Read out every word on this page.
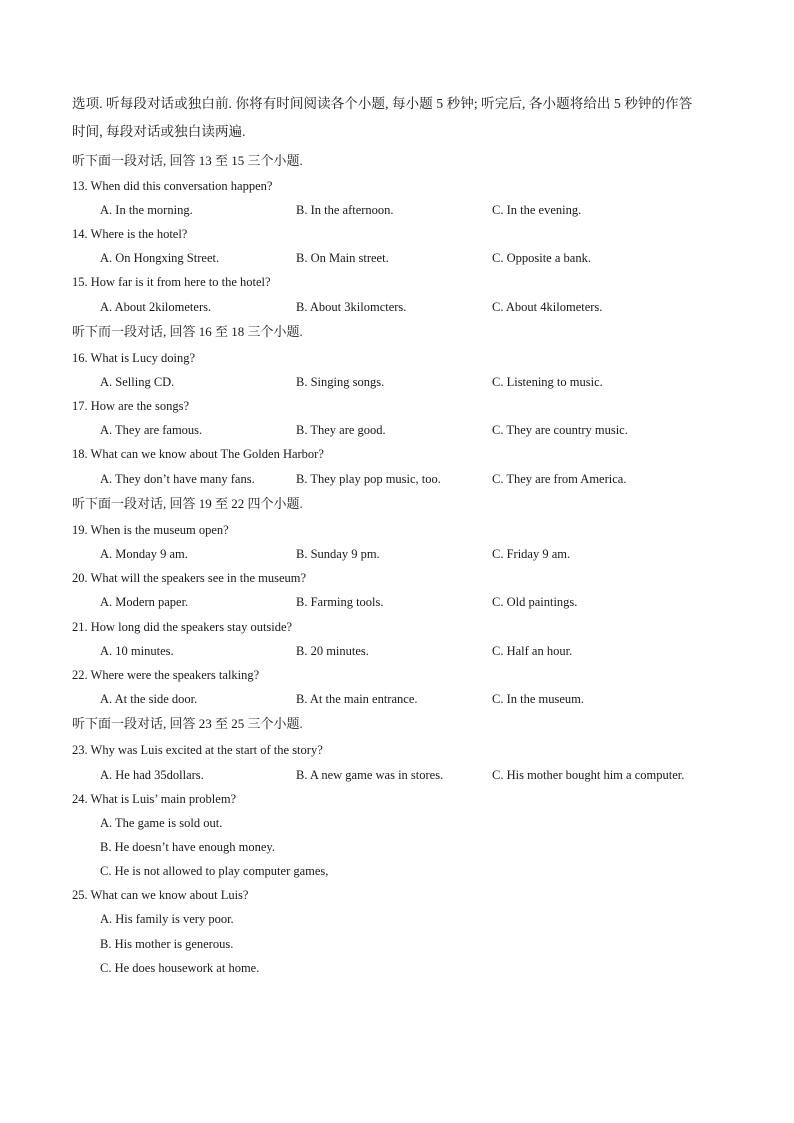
选项. 听每段对话或独白前. 你将有时间阅读各个小题, 每小题 5 秒钟; 听完后, 各小题将给出 5 秒钟的作答
时间, 每段对话或独白读两遍.
听下面一段对话, 回答 13 至 15 三个小题.
13. When did this conversation happen?
A. In the morning.	B. In the afternoon.	C. In the evening.
14. Where is the hotel?
A. On Hongxing Street.	B. On Main street.	C. Opposite a bank.
15. How far is it from here to the hotel?
A. About 2kilometers.	B. About 3kilomcters.	C. About 4kilometers.
听下而一段对话, 回答 16 至 18 三个小题.
16. What is Lucy doing?
A. Selling CD.	B. Singing songs.	C. Listening to music.
17. How are the songs?
A. They are famous.	B. They are good.	C. They are country music.
18. What can we know about The Golden Harbor?
A. They don’t have many fans.	B. They play pop music, too.	C. They are from America.
听下面一段对话, 回答 19 至 22 四个小题.
19. When is the museum open?
A. Monday 9 am.	B. Sunday 9 pm.	C. Friday 9 am.
20. What will the speakers see in the museum?
A. Modern paper.	B. Farming tools.	C. Old paintings.
21. How long did the speakers stay outside?
A. 10 minutes.	B. 20 minutes.	C. Half an hour.
22. Where were the speakers talking?
A. At the side door.	B. At the main entrance.	C. In the museum.
听下面一段对话, 回答 23 至 25 三个小题.
23. Why was Luis excited at the start of the story?
A. He had 35dollars.	B. A new game was in stores.	C. His mother bought him a computer.
24. What is Luis’ main problem?
A. The game is sold out.
B. He doesn’t have enough money.
C. He is not allowed to play computer games,
25. What can we know about Luis?
A. His family is very poor.
B. His mother is generous.
C. He does housework at home.
